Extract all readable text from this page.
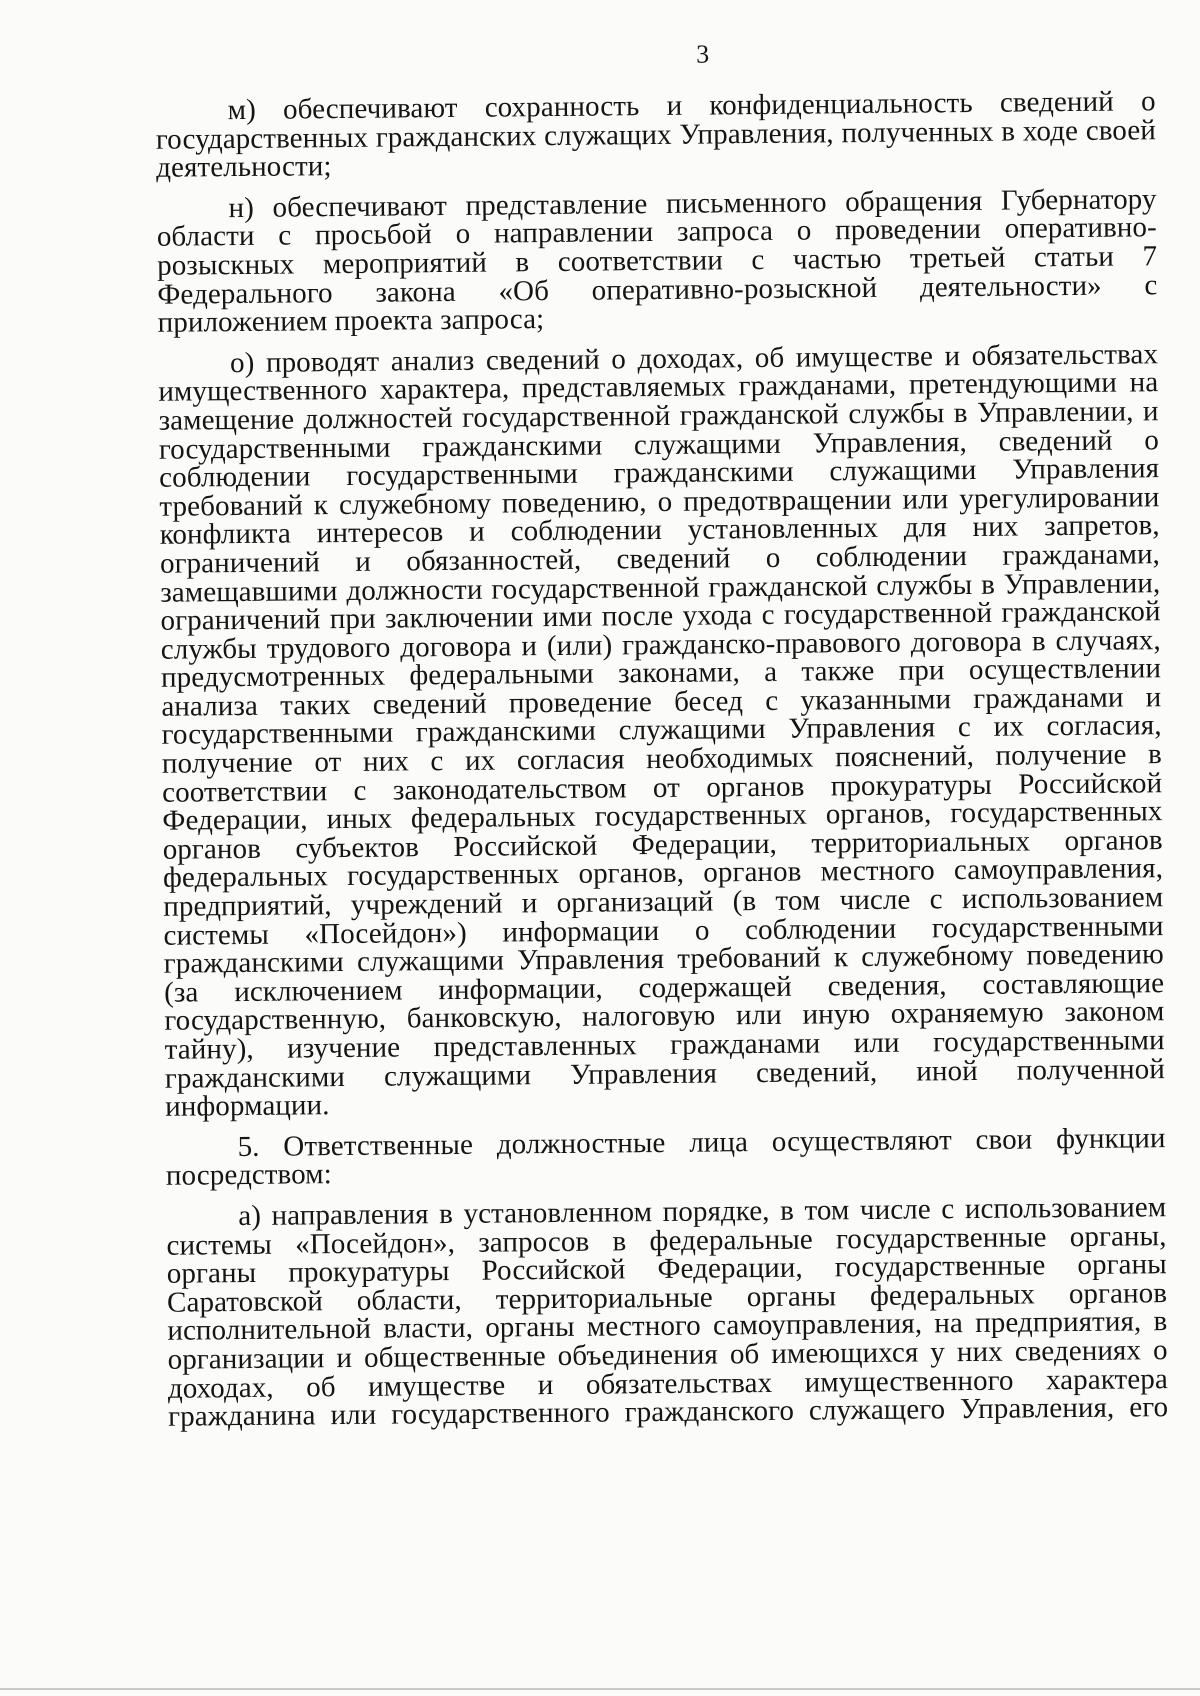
3

м) обеспечивают сохранность и конфиденциальность сведений о государственных гражданских служащих Управления, полученных в ходе своей деятельности;

н) обеспечивают представление письменного обращения Губернатору области с просьбой о направлении запроса о проведении оперативно-розыскных мероприятий в соответствии с частью третьей статьи 7 Федерального закона «Об оперативно-розыскной деятельности» с приложением проекта запроса;

о) проводят анализ сведений о доходах, об имуществе и обязательствах имущественного характера, представляемых гражданами, претендующими на замещение должностей государственной гражданской службы в Управлении, и государственными гражданскими служащими Управления, сведений о соблюдении государственными гражданскими служащими Управления требований к служебному поведению, о предотвращении или урегулировании конфликта интересов и соблюдении установленных для них запретов, ограничений и обязанностей, сведений о соблюдении гражданами, замещавшими должности государственной гражданской службы в Управлении, ограничений при заключении ими после ухода с государственной гражданской службы трудового договора и (или) гражданско-правового договора в случаях, предусмотренных федеральными законами, а также при осуществлении анализа таких сведений проведение бесед с указанными гражданами и государственными гражданскими служащими Управления с их согласия, получение от них с их согласия необходимых пояснений, получение в соответствии с законодательством от органов прокуратуры Российской Федерации, иных федеральных государственных органов, государственных органов субъектов Российской Федерации, территориальных органов федеральных государственных органов, органов местного самоуправления, предприятий, учреждений и организаций (в том числе с использованием системы «Посейдон») информации о соблюдении государственными гражданскими служащими Управления требований к служебному поведению (за исключением информации, содержащей сведения, составляющие государственную, банковскую, налоговую или иную охраняемую законом тайну), изучение представленных гражданами или государственными гражданскими служащими Управления сведений, иной полученной информации.

5. Ответственные должностные лица осуществляют свои функции посредством:

а) направления в установленном порядке, в том числе с использованием системы «Посейдон», запросов в федеральные государственные органы, органы прокуратуры Российской Федерации, государственные органы Саратовской области, территориальные органы федеральных органов исполнительной власти, органы местного самоуправления, на предприятия, в организации и общественные объединения об имеющихся у них сведениях о доходах, об имуществе и обязательствах имущественного характера гражданина или государственного гражданского служащего Управления, его
